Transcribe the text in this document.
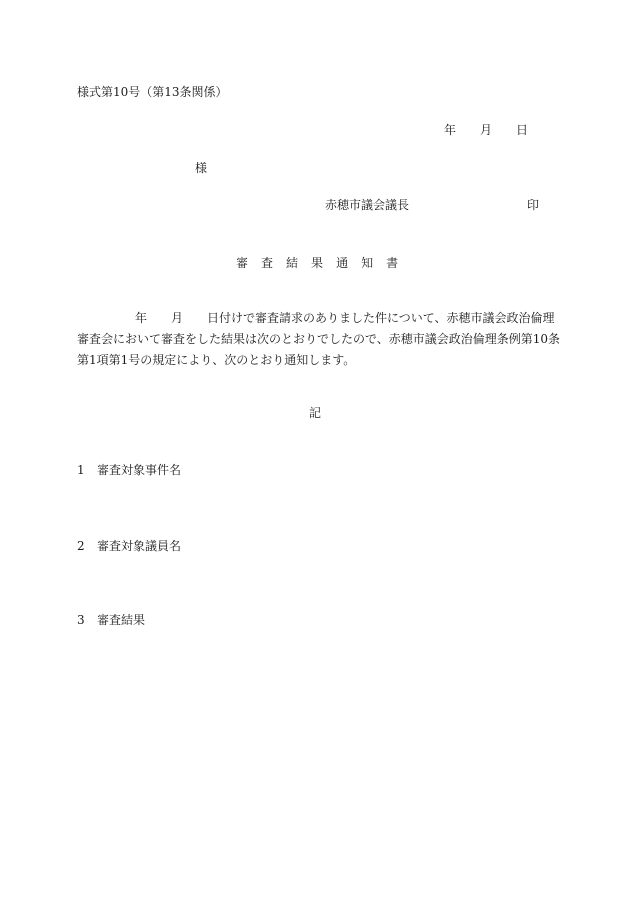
様式第10号（第13条関係）
年 月 日
様
赤穂市議会議長	印
審 査 結 果 通 知 書
年 月 日付けで審査請求のありました件について、赤穂市議会政治倫理
審査会において審査をした結果は次のとおりでしたので、赤穂市議会政治倫理条例第10条
第1項第1号の規定により、次のとおり通知します。
記
1 審査対象事件名
2 審査対象議員名
3 審査結果
